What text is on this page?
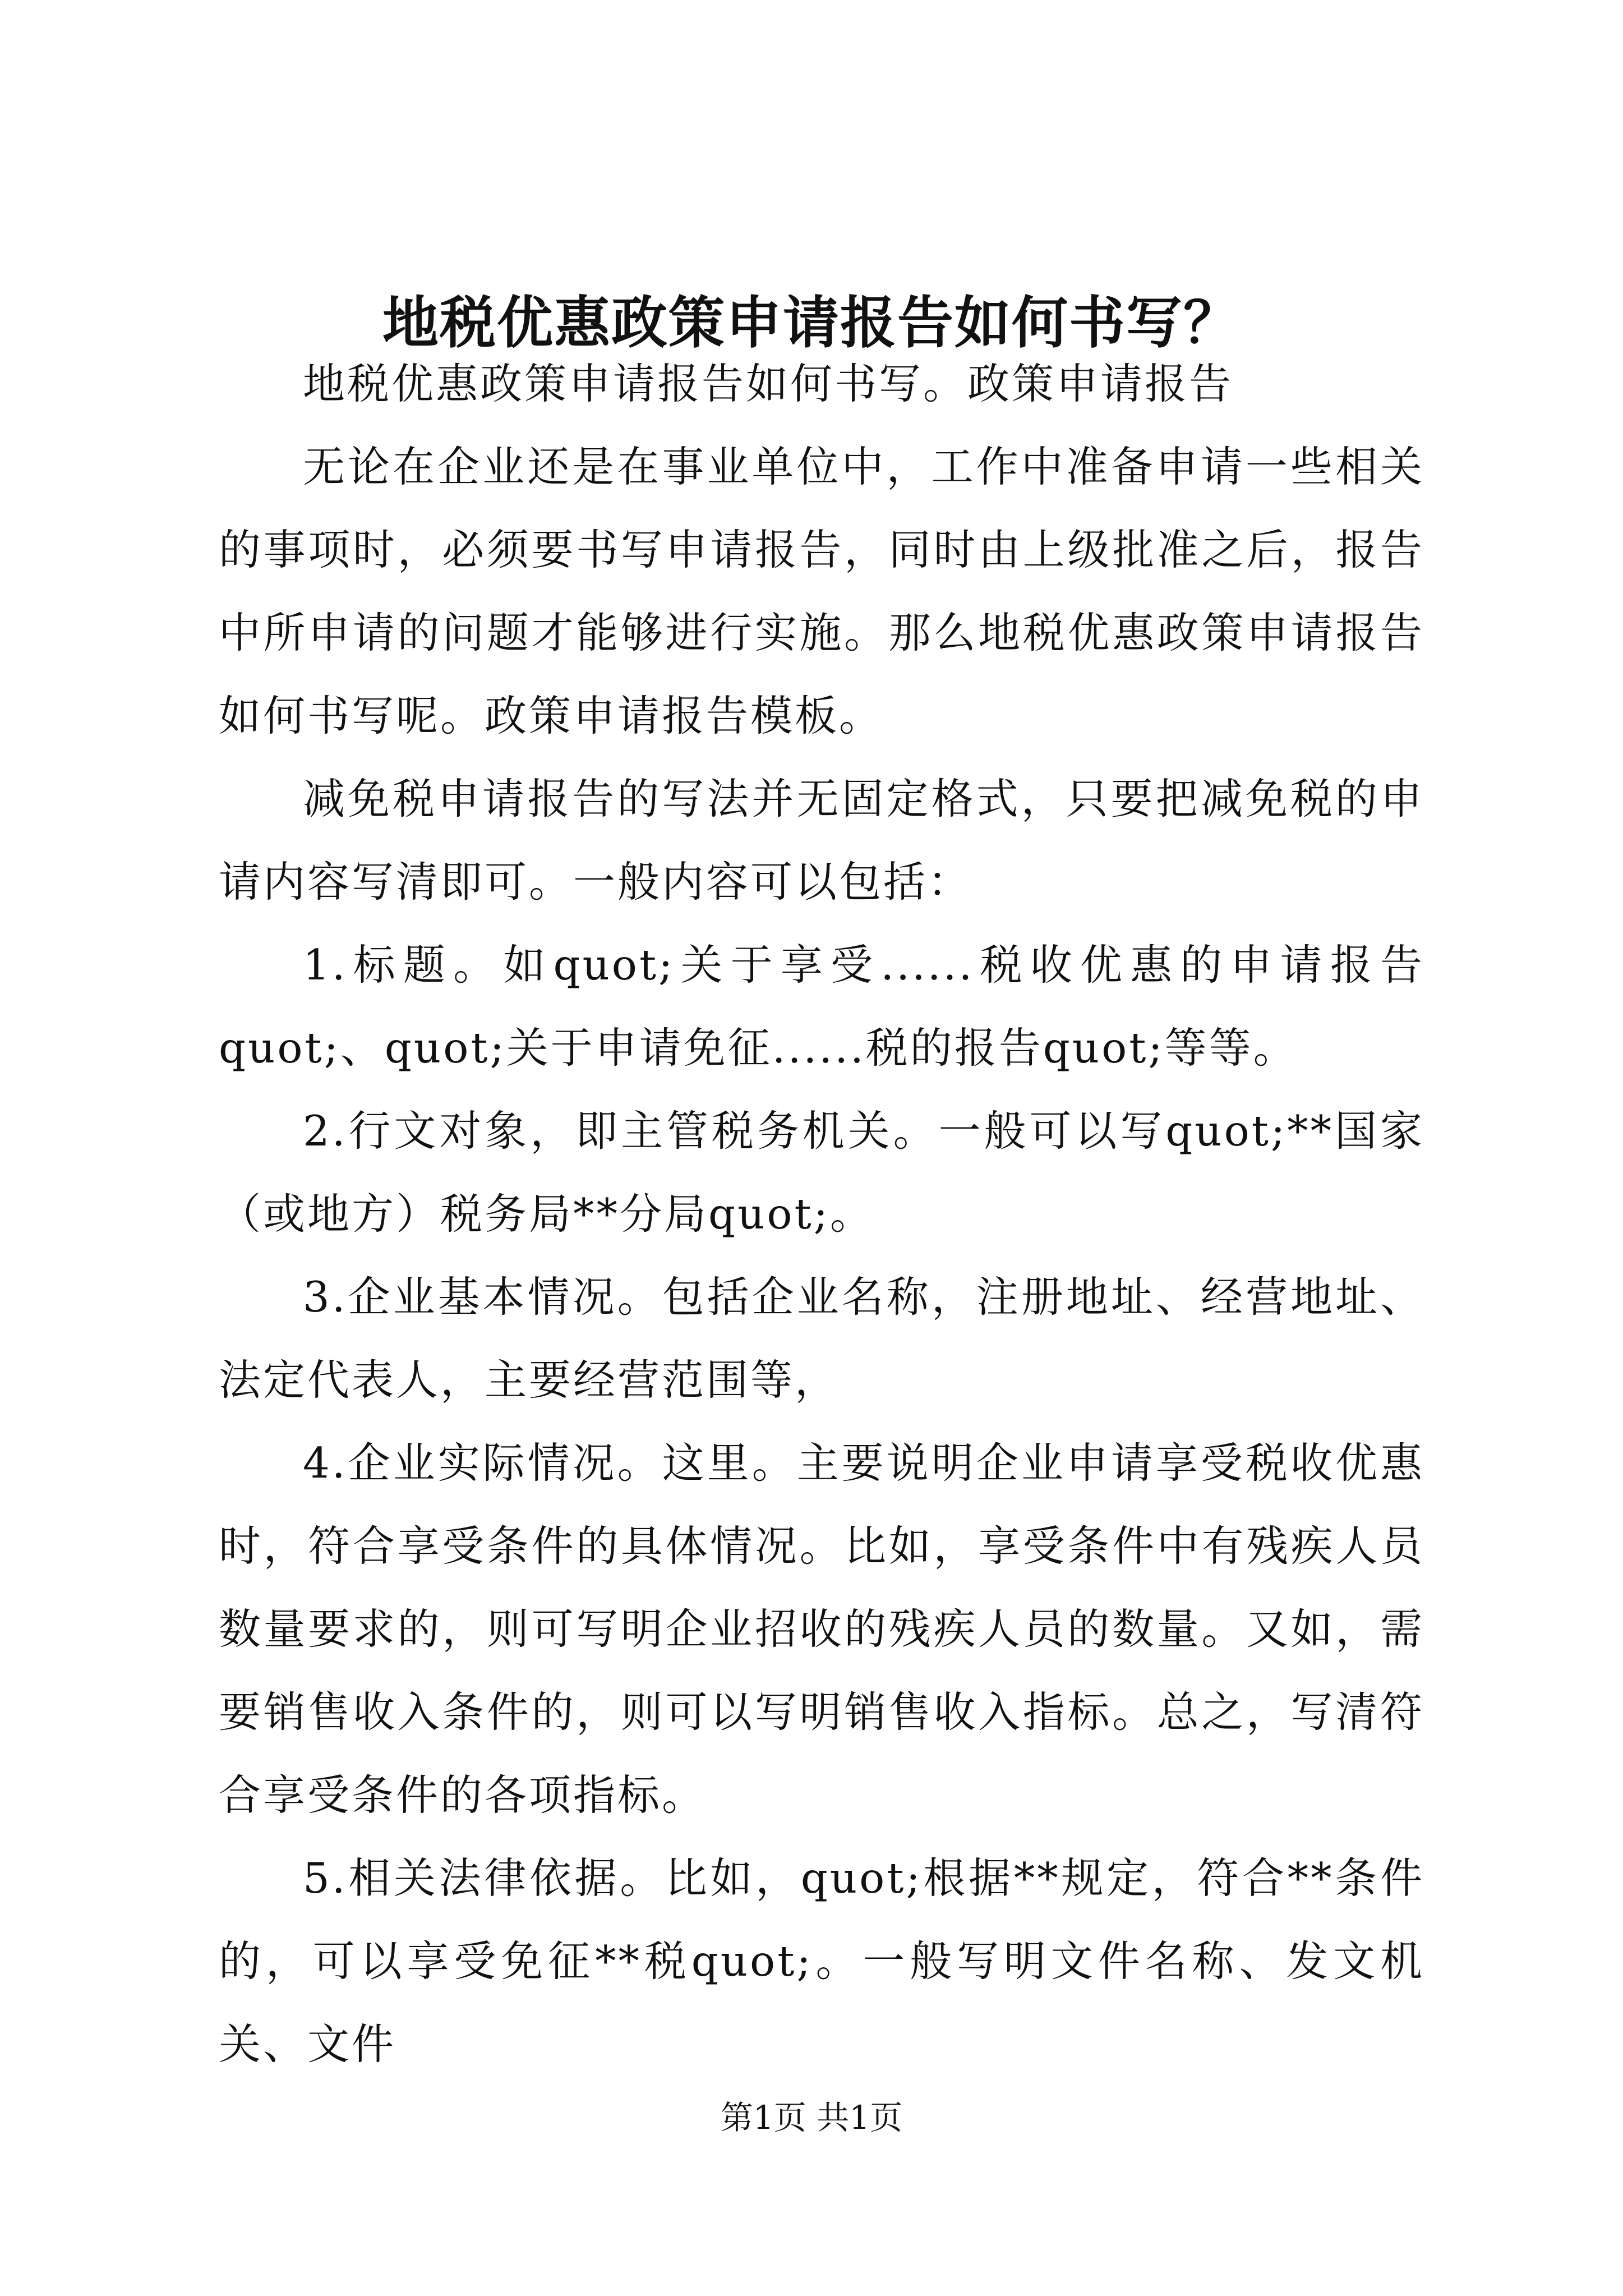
地税优惠政策申请报告如何书写？

地税优惠政策申请报告如何书写。政策申请报告

无论在企业还是在事业单位中，工作中准备申请一些相关的事项时，必须要书写申请报告，同时由上级批准之后，报告中所申请的问题才能够进行实施。那么地税优惠政策申请报告如何书写呢。政策申请报告模板。

减免税申请报告的写法并无固定格式，只要把减免税的申请内容写清即可。一般内容可以包括：

1.标题。如quot;关于享受......税收优惠的申请报告quot;、quot;关于申请免征......税的报告quot;等等。

2.行文对象，即主管税务机关。一般可以写quot;**国家（或地方）税务局**分局quot;。

3.企业基本情况。包括企业名称，注册地址、经营地址、法定代表人，主要经营范围等，

4.企业实际情况。这里。主要说明企业申请享受税收优惠时，符合享受条件的具体情况。比如，享受条件中有残疾人员数量要求的，则可写明企业招收的残疾人员的数量。又如，需要销售收入条件的，则可以写明销售收入指标。总之，写清符合享受条件的各项指标。

5.相关法律依据。比如，quot;根据**规定，符合**条件的，可以享受免征**税quot;。一般写明文件名称、发文机关、文件

第1页 共1页
